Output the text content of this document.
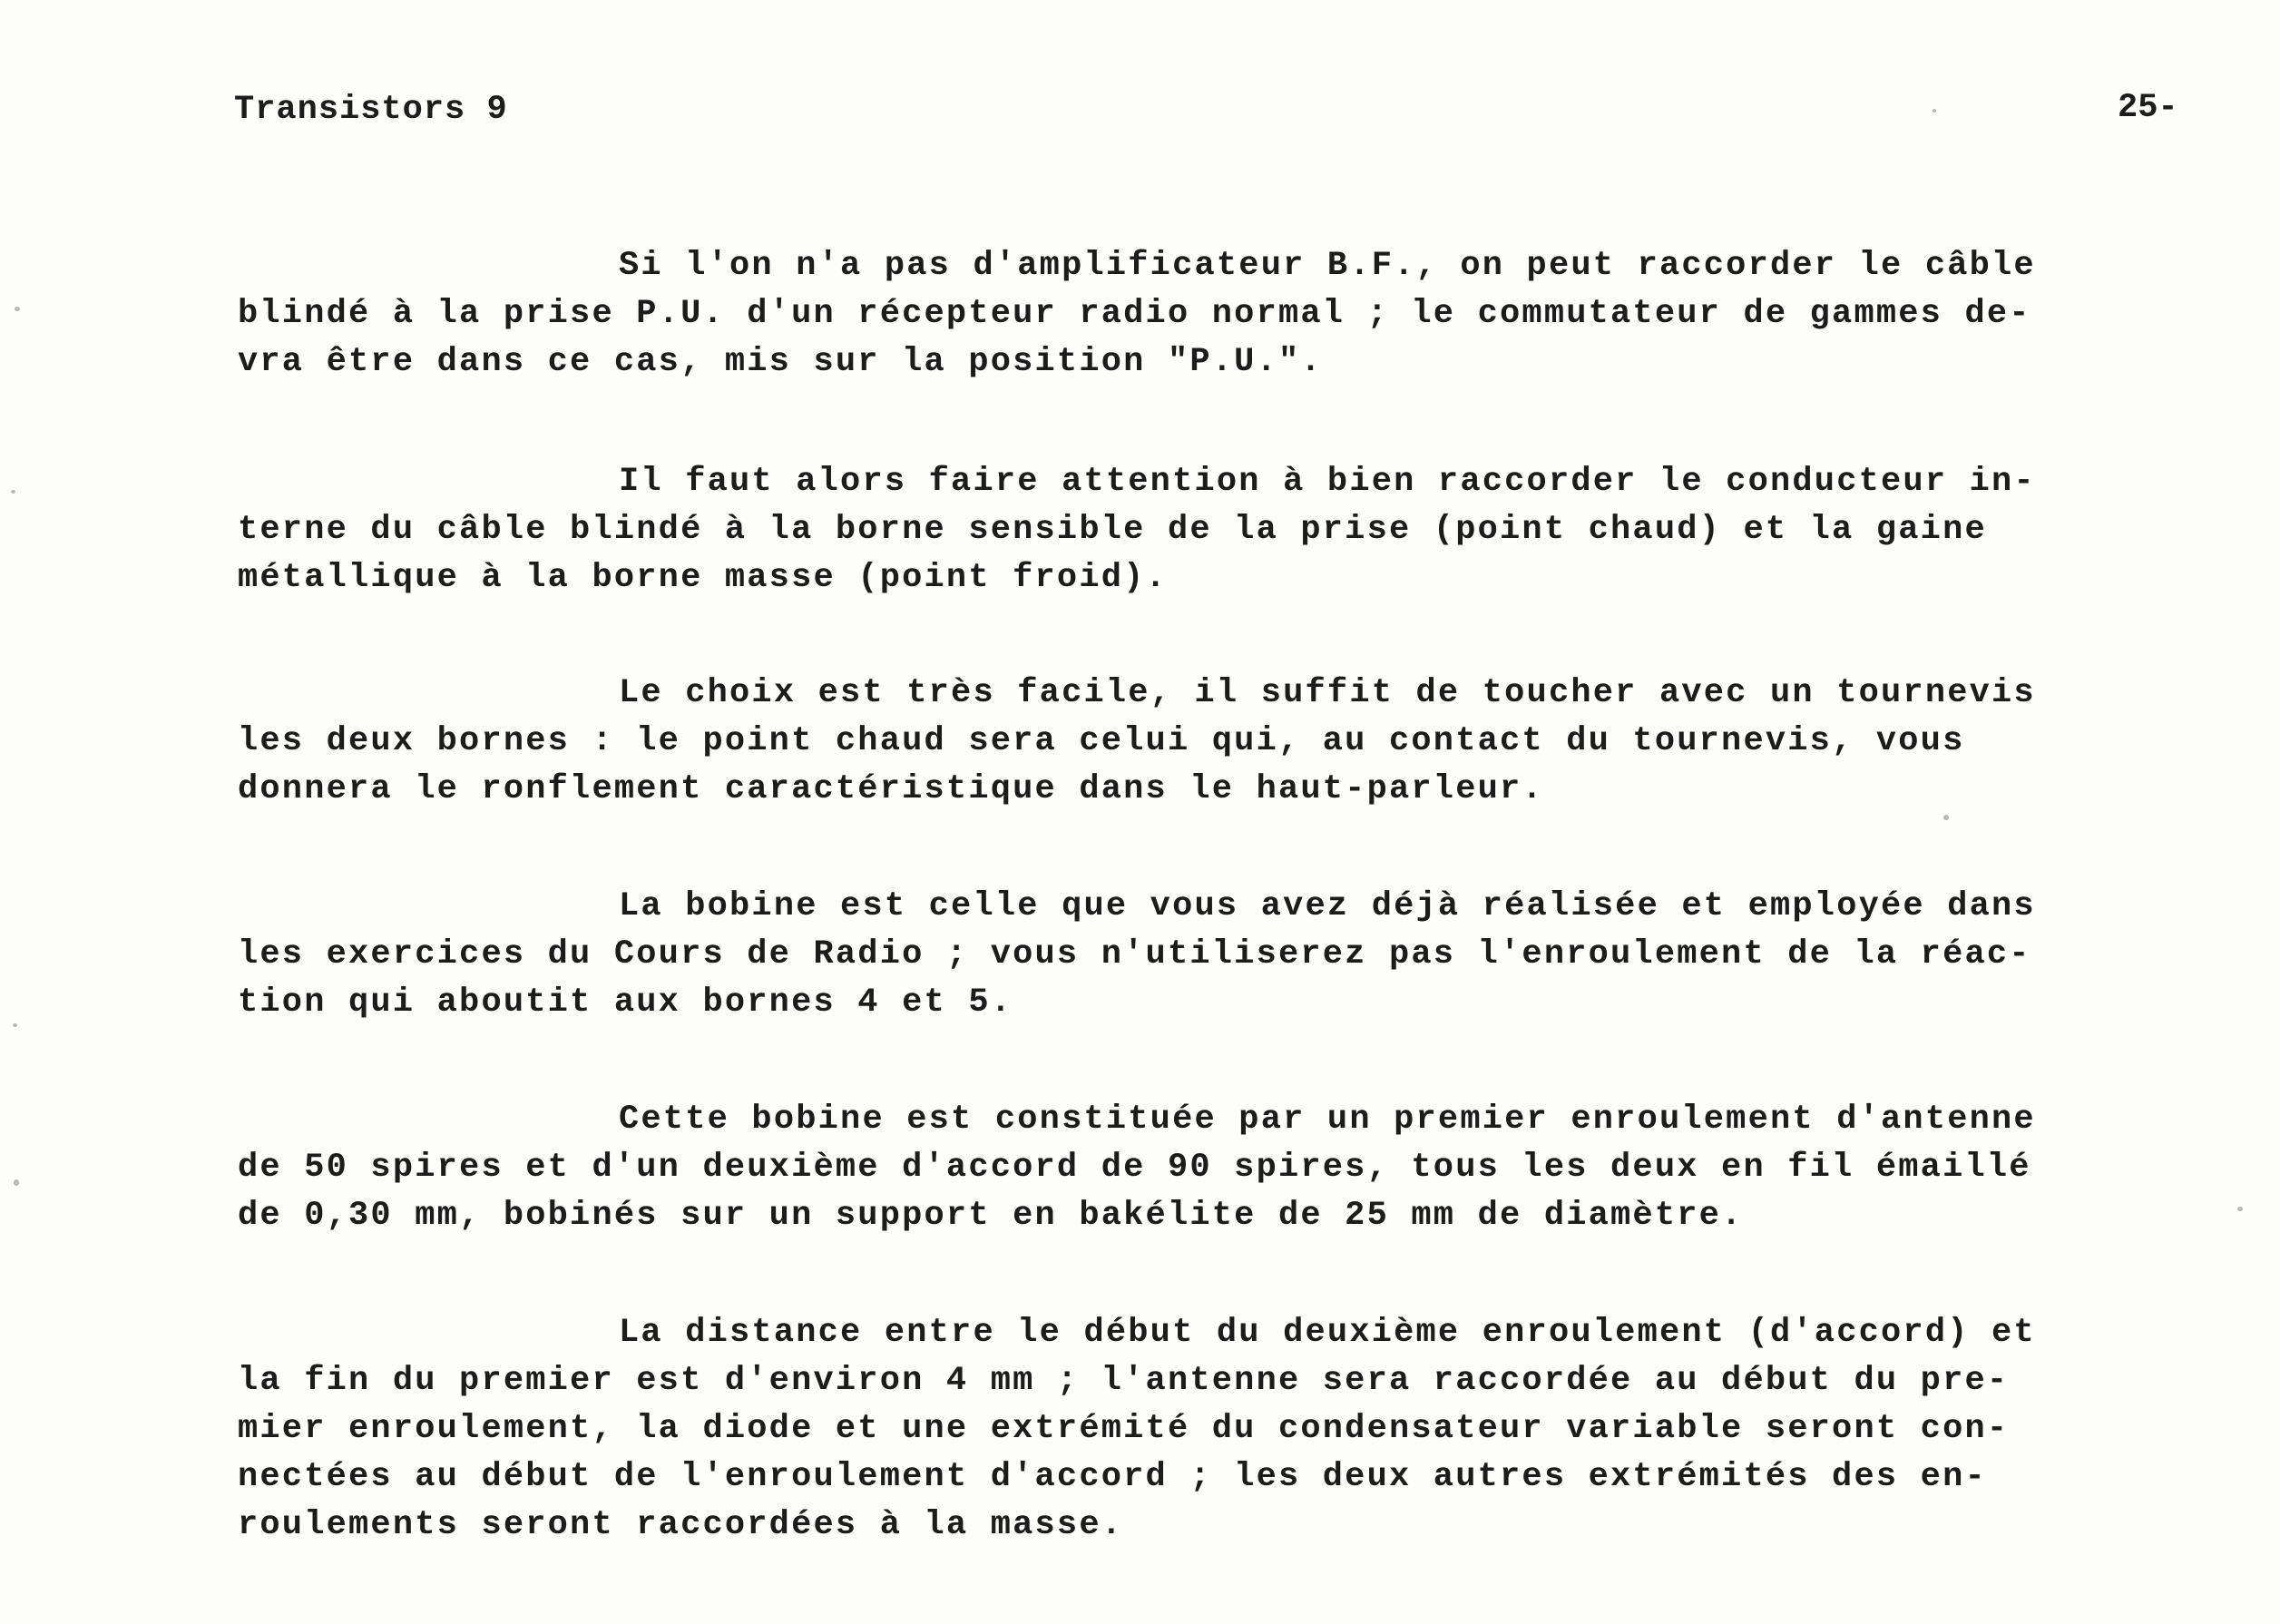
Transistors 9	25-
Si l'on n'a pas d'amplificateur B.F., on peut raccorder le câble
blindé à la prise P.U. d'un récepteur radio normal ; le commutateur de gammes de-
vra être dans ce cas, mis sur la position "P.U.".
Il faut alors faire attention à bien raccorder le conducteur in-
terne du câble blindé à la borne sensible de la prise (point chaud) et la gaine
métallique à la borne masse (point froid).
Le choix est très facile, il suffit de toucher avec un tournevis
les deux bornes : le point chaud sera celui qui, au contact du tournevis, vous
donnera le ronflement caractéristique dans le haut-parleur.
La bobine est celle que vous avez déjà réalisée et employée dans
les exercices du Cours de Radio ; vous n'utiliserez pas l'enroulement de la réac-
tion qui aboutit aux bornes 4 et 5.
Cette bobine est constituée par un premier enroulement d'antenne
de 50 spires et d'un deuxième d'accord de 90 spires, tous les deux en fil émaillé
de 0,30 mm, bobinés sur un support en bakélite de 25 mm de diamètre.
La distance entre le début du deuxième enroulement (d'accord) et
la fin du premier est d'environ 4 mm ; l'antenne sera raccordée au début du pre-
mier enroulement, la diode et une extrémité du condensateur variable seront con-
nectées au début de l'enroulement d'accord ; les deux autres extrémités des en-
roulements seront raccordées à la masse.
